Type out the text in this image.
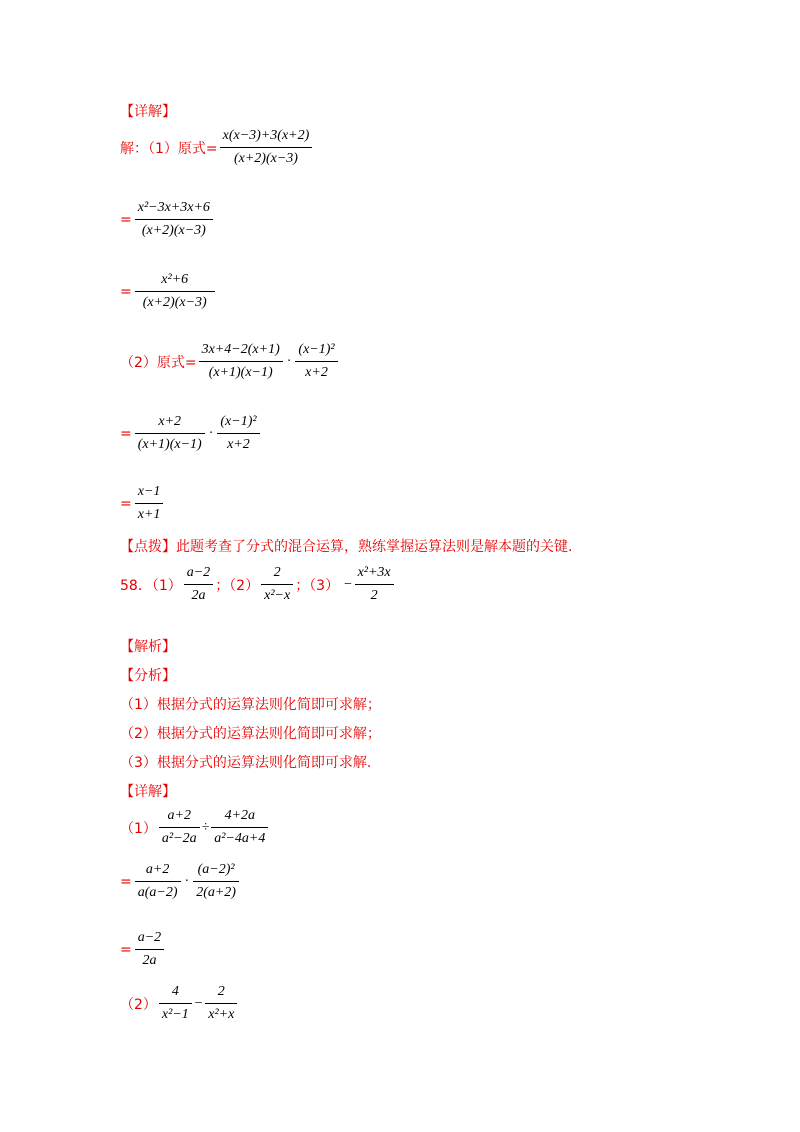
【详解】
解：（1）原式= $\frac{x(x-3)+3(x+2)}{(x+2)(x-3)}$
= $\frac{\text{x²−3x+3x+6}}{(x+2)(x-3)}$
= $\frac{\text{x²+6}}{(x+2)(x-3)}$
（2）原式= $\frac{3x+4-2(x+1)}{(x+1)(x-1)} \cdot \frac{\text{(x−1)²}}{x+2}$
= $\frac{x+2}{(x+1)(x-1)} \cdot \frac{\text{(x−1)²}}{x+2}$
= $\frac{x-1}{x+1}$
【点拨】此题考查了分式的混合运算，熟练掌握运算法则是解本题的关键.
58．$(1) \frac{a-2}{2a}$ ；$(2) \frac{2}{\text{x²−x}}$ ；$(3) - \frac{\text{x²+3x}}{2}$
【解析】
【分析】
（1）根据分式的运算法则化简即可求解；
（2）根据分式的运算法则化简即可求解；
（3）根据分式的运算法则化简即可求解.
【详解】
$(1) \frac{a+2}{\text{a²−2a}} \div \frac{4+2a}{\text{a²−4a+4}}$
= $\frac{a+2}{a(a-2)} \cdot \frac{\text{(a−2)²}}{2(a+2)}$
= $\frac{a-2}{2a}$
$(2) \frac{4}{\text{x²−1}} - \frac{2}{\text{x²+x}}$
